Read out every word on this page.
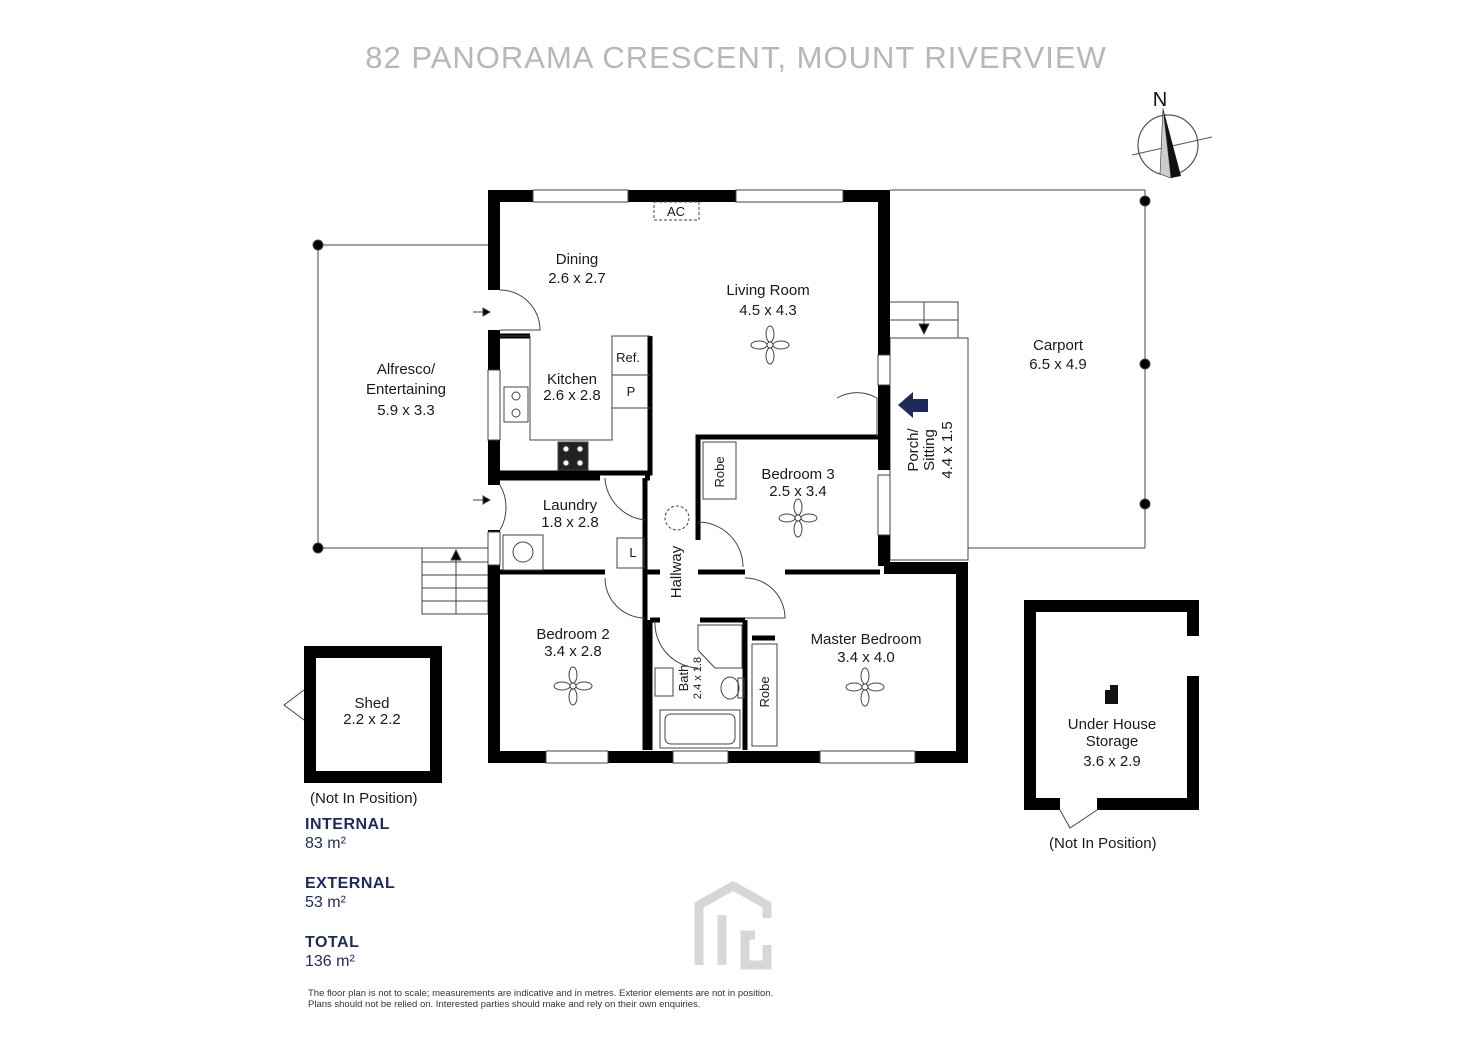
82 PANORAMA CRESCENT, MOUNT RIVERVIEW
N
Dining
2.6 x 2.7
Living Room
4.5 x 4.3
Kitchen
2.6 x 2.8
Alfresco/
Entertaining
5.9 x 3.3
Carport
6.5 x 4.9
Porch/ Sitting 4.4 x 1.5
Laundry
1.8 x 2.8
Bedroom 3
2.5 x 3.4
Hallway
Bedroom 2
3.4 x 2.8
Bath 2.4 x 1.8
Master Bedroom
3.4 x 4.0
Shed
2.2 x 2.2	Under House
Storage
3.6 x 2.9
AC
Ref.
P
L
Robe
Robe
(Not In Position)
(Not In Position)
INTERNAL
83 m²
EXTERNAL
53 m²
TOTAL
136 m²
The floor plan is not to scale; measurements are indicative and in metres. Exterior elements are not in position.
Plans should not be relied on. Interested parties should make and rely on their own enquiries.
